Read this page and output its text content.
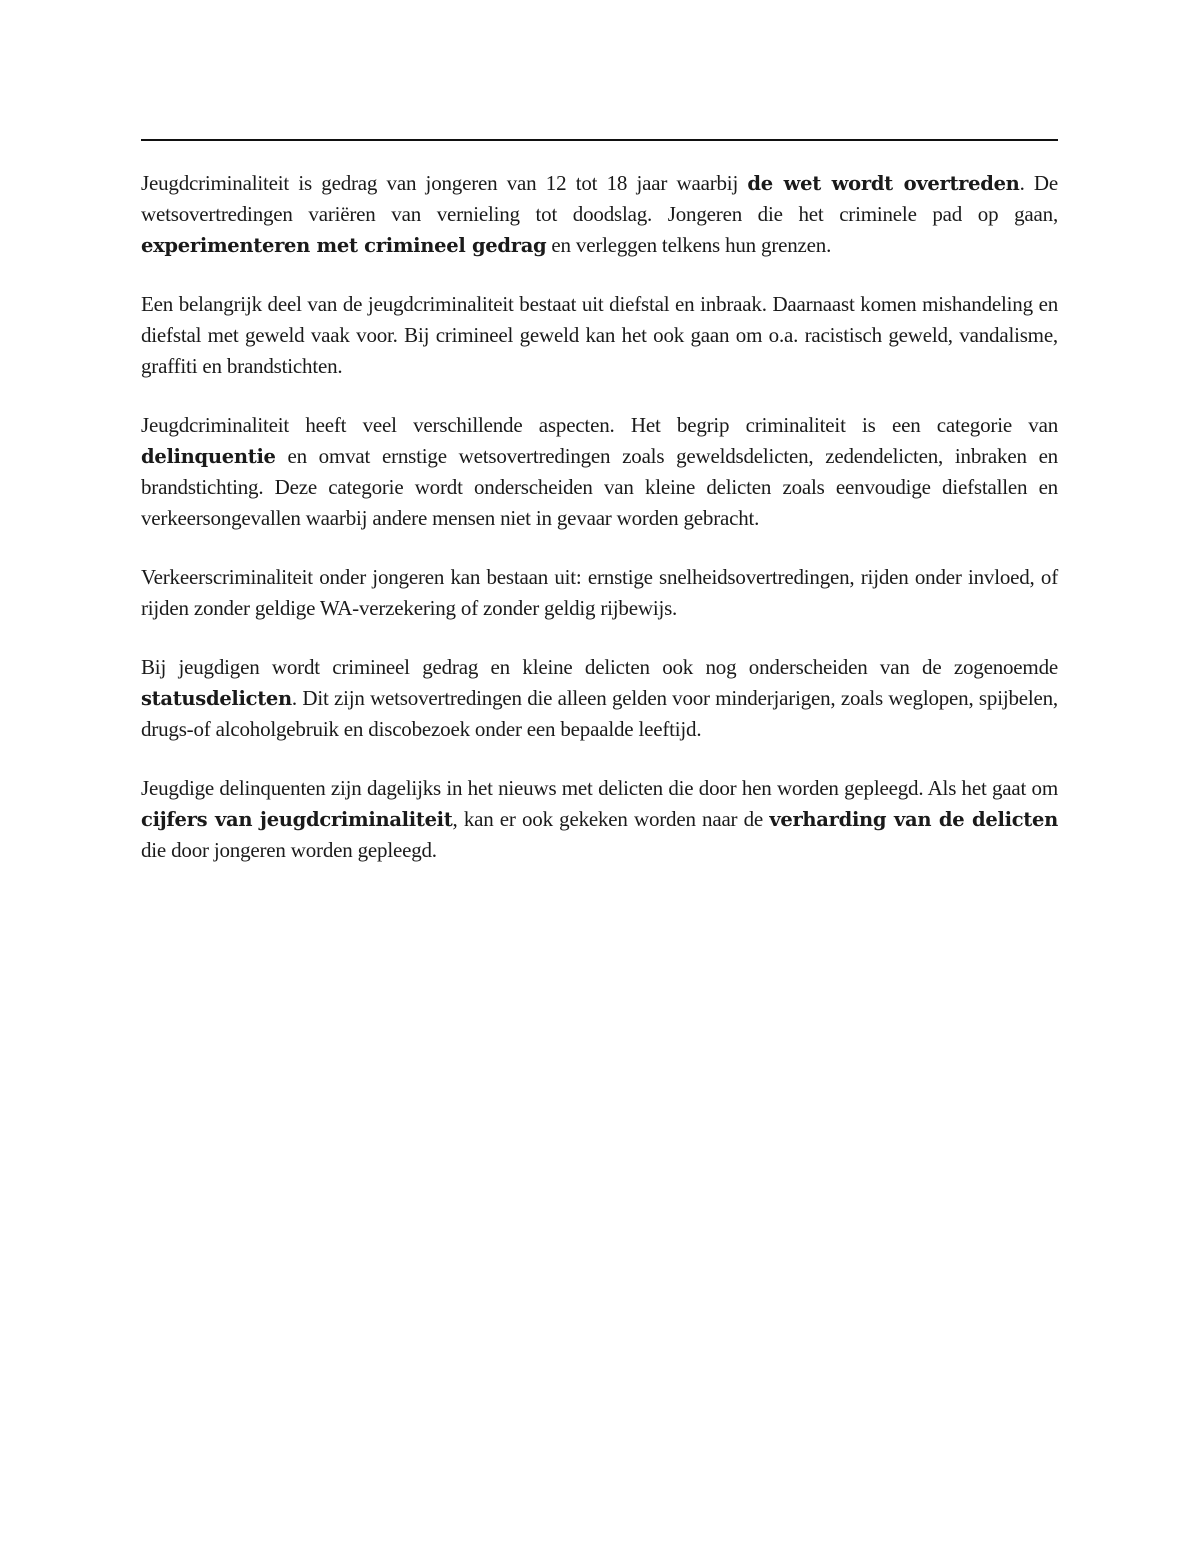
Jeugdcriminaliteit is gedrag van jongeren van 12 tot 18 jaar waarbij de wet wordt overtreden. De wetsovertredingen variëren van vernieling tot doodslag. Jongeren die het criminele pad op gaan, experimenteren met crimineel gedrag en verleggen telkens hun grenzen.

Een belangrijk deel van de jeugdcriminaliteit bestaat uit diefstal en inbraak. Daarnaast komen mishandeling en diefstal met geweld vaak voor. Bij crimineel geweld kan het ook gaan om o.a. racistisch geweld, vandalisme, graffiti en brandstichten.

Jeugdcriminaliteit heeft veel verschillende aspecten. Het begrip criminaliteit is een categorie van delinquentie en omvat ernstige wetsovertredingen zoals geweldsdelicten, zedendelicten, inbraken en brandstichting. Deze categorie wordt onderscheiden van kleine delicten zoals eenvoudige diefstallen en verkeersongevallen waarbij andere mensen niet in gevaar worden gebracht.

Verkeerscriminaliteit onder jongeren kan bestaan uit: ernstige snelheidsovertredingen, rijden onder invloed, of rijden zonder geldige WA-verzekering of zonder geldig rijbewijs.

Bij jeugdigen wordt crimineel gedrag en kleine delicten ook nog onderscheiden van de zogenoemde statusdelicten. Dit zijn wetsovertredingen die alleen gelden voor minderjarigen, zoals weglopen, spijbelen, drugs-of alcoholgebruik en discobezoek onder een bepaalde leeftijd.

Jeugdige delinquenten zijn dagelijks in het nieuws met delicten die door hen worden gepleegd. Als het gaat om cijfers van jeugdcriminaliteit, kan er ook gekeken worden naar de verharding van de delicten die door jongeren worden gepleegd.
